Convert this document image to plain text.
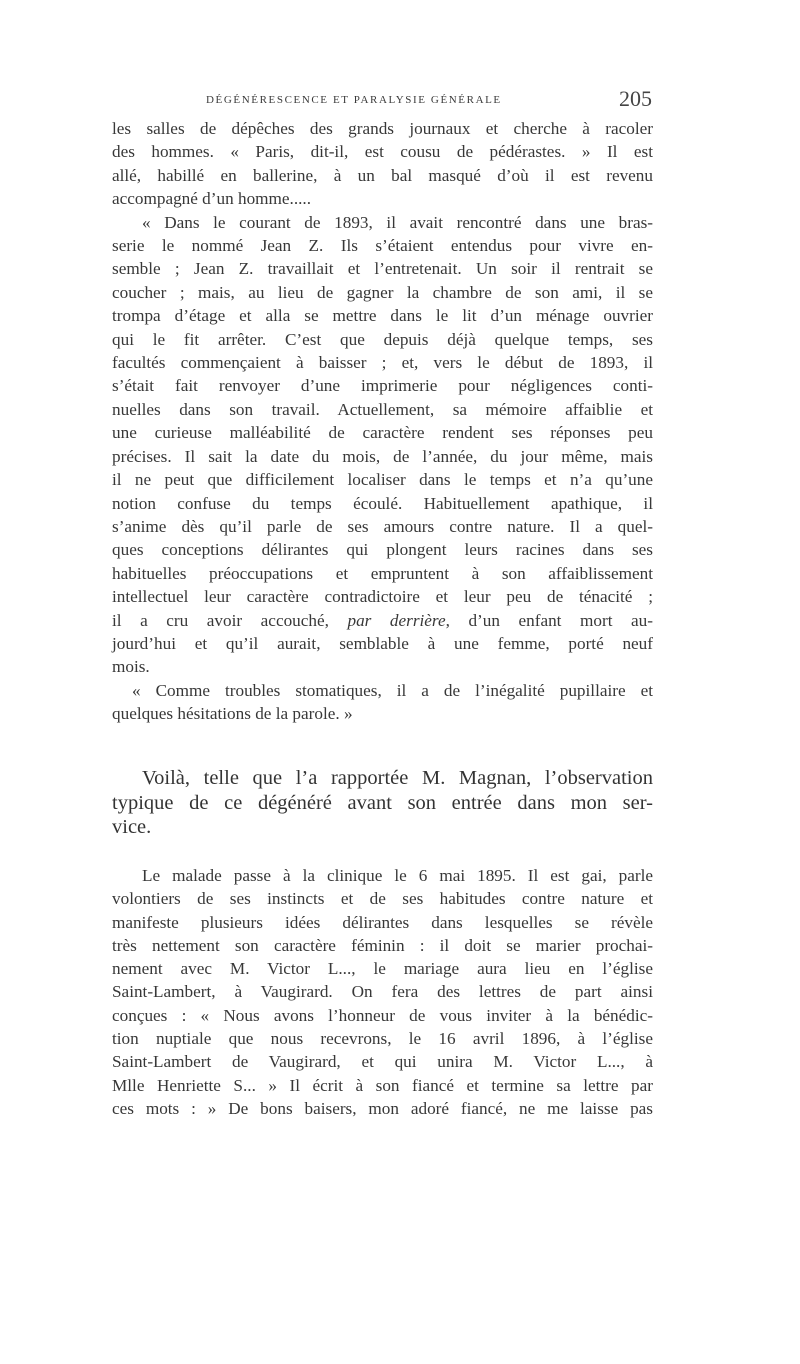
DÉGÉNÉRESCENCE ET PARALYSIE GÉNÉRALE	205
les salles de dépêches des grands journaux et cherche à racoler
des hommes. « Paris, dit-il, est cousu de pédérastes. » Il est
allé, habillé en ballerine, à un bal masqué d’où il est revenu
accompagné d’un homme.....
« Dans le courant de 1893, il avait rencontré dans une bras-
serie le nommé Jean Z. Ils s’étaient entendus pour vivre en-
semble ; Jean Z. travaillait et l’entretenait. Un soir il rentrait se
coucher ; mais, au lieu de gagner la chambre de son ami, il se
trompa d’étage et alla se mettre dans le lit d’un ménage ouvrier
qui le fit arrêter. C’est que depuis déjà quelque temps, ses
facultés commençaient à baisser ; et, vers le début de 1893, il
s’était fait renvoyer d’une imprimerie pour négligences conti-
nuelles dans son travail. Actuellement, sa mémoire affaiblie et
une curieuse malléabilité de caractère rendent ses réponses peu
précises. Il sait la date du mois, de l’année, du jour même, mais
il ne peut que difficilement localiser dans le temps et n’a qu’une
notion confuse du temps écoulé. Habituellement apathique, il
s’anime dès qu’il parle de ses amours contre nature. Il a quel-
ques conceptions délirantes qui plongent leurs racines dans ses
habituelles préoccupations et empruntent à son affaiblissement
intellectuel leur caractère contradictoire et leur peu de ténacité ;
il a cru avoir accouché, par derrière, d’un enfant mort au-
jourd’hui et qu’il aurait, semblable à une femme, porté neuf
mois.
« Comme troubles stomatiques, il a de l’inégalité pupillaire et
quelques hésitations de la parole. »
Voilà, telle que l’a rapportée M. Magnan, l’observation
typique de ce dégénéré avant son entrée dans mon ser-
vice.
Le malade passe à la clinique le 6 mai 1895. Il est gai, parle
volontiers de ses instincts et de ses habitudes contre nature et
manifeste plusieurs idées délirantes dans lesquelles se révèle
très nettement son caractère féminin : il doit se marier prochai-
nement avec M. Victor L..., le mariage aura lieu en l’église
Saint-Lambert, à Vaugirard. On fera des lettres de part ainsi
conçues : « Nous avons l’honneur de vous inviter à la bénédic-
tion nuptiale que nous recevrons, le 16 avril 1896, à l’église
Saint-Lambert de Vaugirard, et qui unira M. Victor L..., à
Mlle Henriette S... » Il écrit à son fiancé et termine sa lettre par
ces mots : » De bons baisers, mon adoré fiancé, ne me laisse pas
